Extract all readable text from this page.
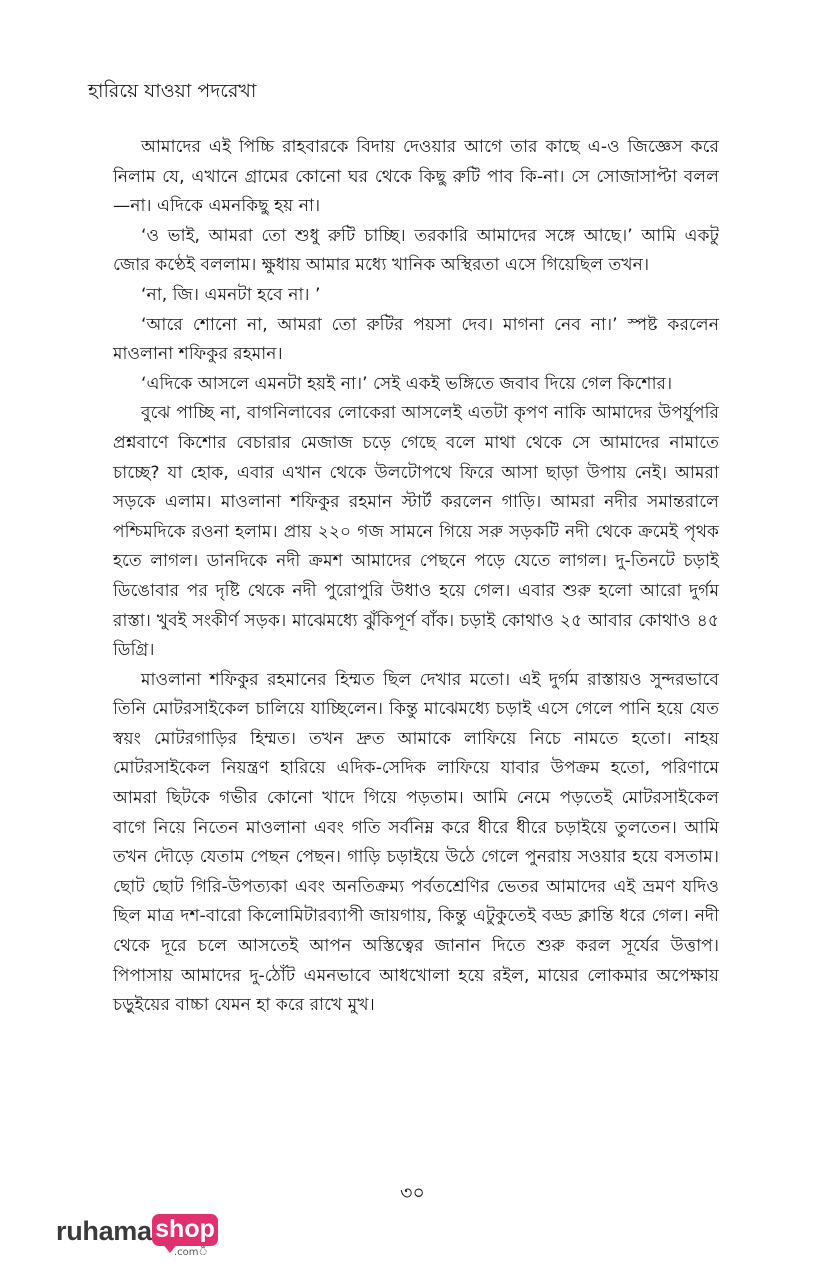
হারিয়ে যাওয়া পদরেখা

আমাদের এই পিচ্চি রাহবারকে বিদায় দেওয়ার আগে তার কাছে এ-ও জিজ্ঞেস করে নিলাম যে, এখানে গ্রামের কোনো ঘর থেকে কিছু রুটি পাব কি-না। সে সোজাসাপ্টা বলল—না। এদিকে এমনকিছু হয় না।

‘ও ভাই, আমরা তো শুধু রুটি চাচ্ছি। তরকারি আমাদের সঙ্গে আছে।’ আমি একটু জোর কণ্ঠেই বললাম। ক্ষুধায় আমার মধ্যে খানিক অস্থিরতা এসে গিয়েছিল তখন।

‘না, জি। এমনটা হবে না। ’

‘আরে শোনো না, আমরা তো রুটির পয়সা দেব। মাগনা নেব না।’ স্পষ্ট করলেন মাওলানা শফিকুর রহমান।

‘এদিকে আসলে এমনটা হয়ই না।’ সেই একই ভঙ্গিতে জবাব দিয়ে গেল কিশোর।

বুঝে পাচ্ছি না, বাগনিলাবের লোকেরা আসলেই এতটা কৃপণ নাকি আমাদের উপর্যুপরি প্রশ্নবাণে কিশোর বেচারার মেজাজ চড়ে গেছে বলে মাথা থেকে সে আমাদের নামাতে চাচ্ছে? যা হোক, এবার এখান থেকে উলটোপথে ফিরে আসা ছাড়া উপায় নেই। আমরা সড়কে এলাম। মাওলানা শফিকুর রহমান স্টার্ট করলেন গাড়ি। আমরা নদীর সমান্তরালে পশ্চিমদিকে রওনা হলাম। প্রায় ২২০ গজ সামনে গিয়ে সরু সড়কটি নদী থেকে ক্রমেই পৃথক হতে লাগল। ডানদিকে নদী ক্রমশ আমাদের পেছনে পড়ে যেতে লাগল। দু-তিনটে চড়াই ডিঙোবার পর দৃষ্টি থেকে নদী পুরোপুরি উধাও হয়ে গেল। এবার শুরু হলো আরো দুর্গম রাস্তা। খুবই সংকীর্ণ সড়ক। মাঝেমধ্যে ঝুঁকিপূর্ণ বাঁক। চড়াই কোথাও ২৫ আবার কোথাও ৪৫ ডিগ্রি।

মাওলানা শফিকুর রহমানের হিম্মত ছিল দেখার মতো। এই দুর্গম রাস্তায়ও সুন্দরভাবে তিনি মোটরসাইকেল চালিয়ে যাচ্ছিলেন। কিন্তু মাঝেমধ্যে চড়াই এসে গেলে পানি হয়ে যেত স্বয়ং মোটরগাড়ির হিম্মত। তখন দ্রুত আমাকে লাফিয়ে নিচে নামতে হতো। নাহয় মোটরসাইকেল নিয়ন্ত্রণ হারিয়ে এদিক-সেদিক লাফিয়ে যাবার উপক্রম হতো, পরিণামে আমরা ছিটকে গভীর কোনো খাদে গিয়ে পড়তাম। আমি নেমে পড়তেই মোটরসাইকেল বাগে নিয়ে নিতেন মাওলানা এবং গতি সর্বনিম্ন করে ধীরে ধীরে চড়াইয়ে তুলতেন। আমি তখন দৌড়ে যেতাম পেছন পেছন। গাড়ি চড়াইয়ে উঠে গেলে পুনরায় সওয়ার হয়ে বসতাম। ছোট ছোট গিরি-উপত্যকা এবং অনতিক্রম্য পর্বতশ্রেণির ভেতর আমাদের এই ভ্রমণ যদিও ছিল মাত্র দশ-বারো কিলোমিটারব্যাপী জায়গায়, কিন্তু এটুকুতেই বড্ড ক্লান্তি ধরে গেল। নদী থেকে দূরে চলে আসতেই আপন অস্তিত্বের জানান দিতে শুরু করল সূর্যের উত্তাপ। পিপাসায় আমাদের দু-ঠোঁট এমনভাবে আধখোলা হয়ে রইল, মায়ের লোকমার অপেক্ষায় চড়ুইয়ের বাচ্চা যেমন হা করে রাখে মুখ।

৩০
ruhama shop
.comঁঁ
